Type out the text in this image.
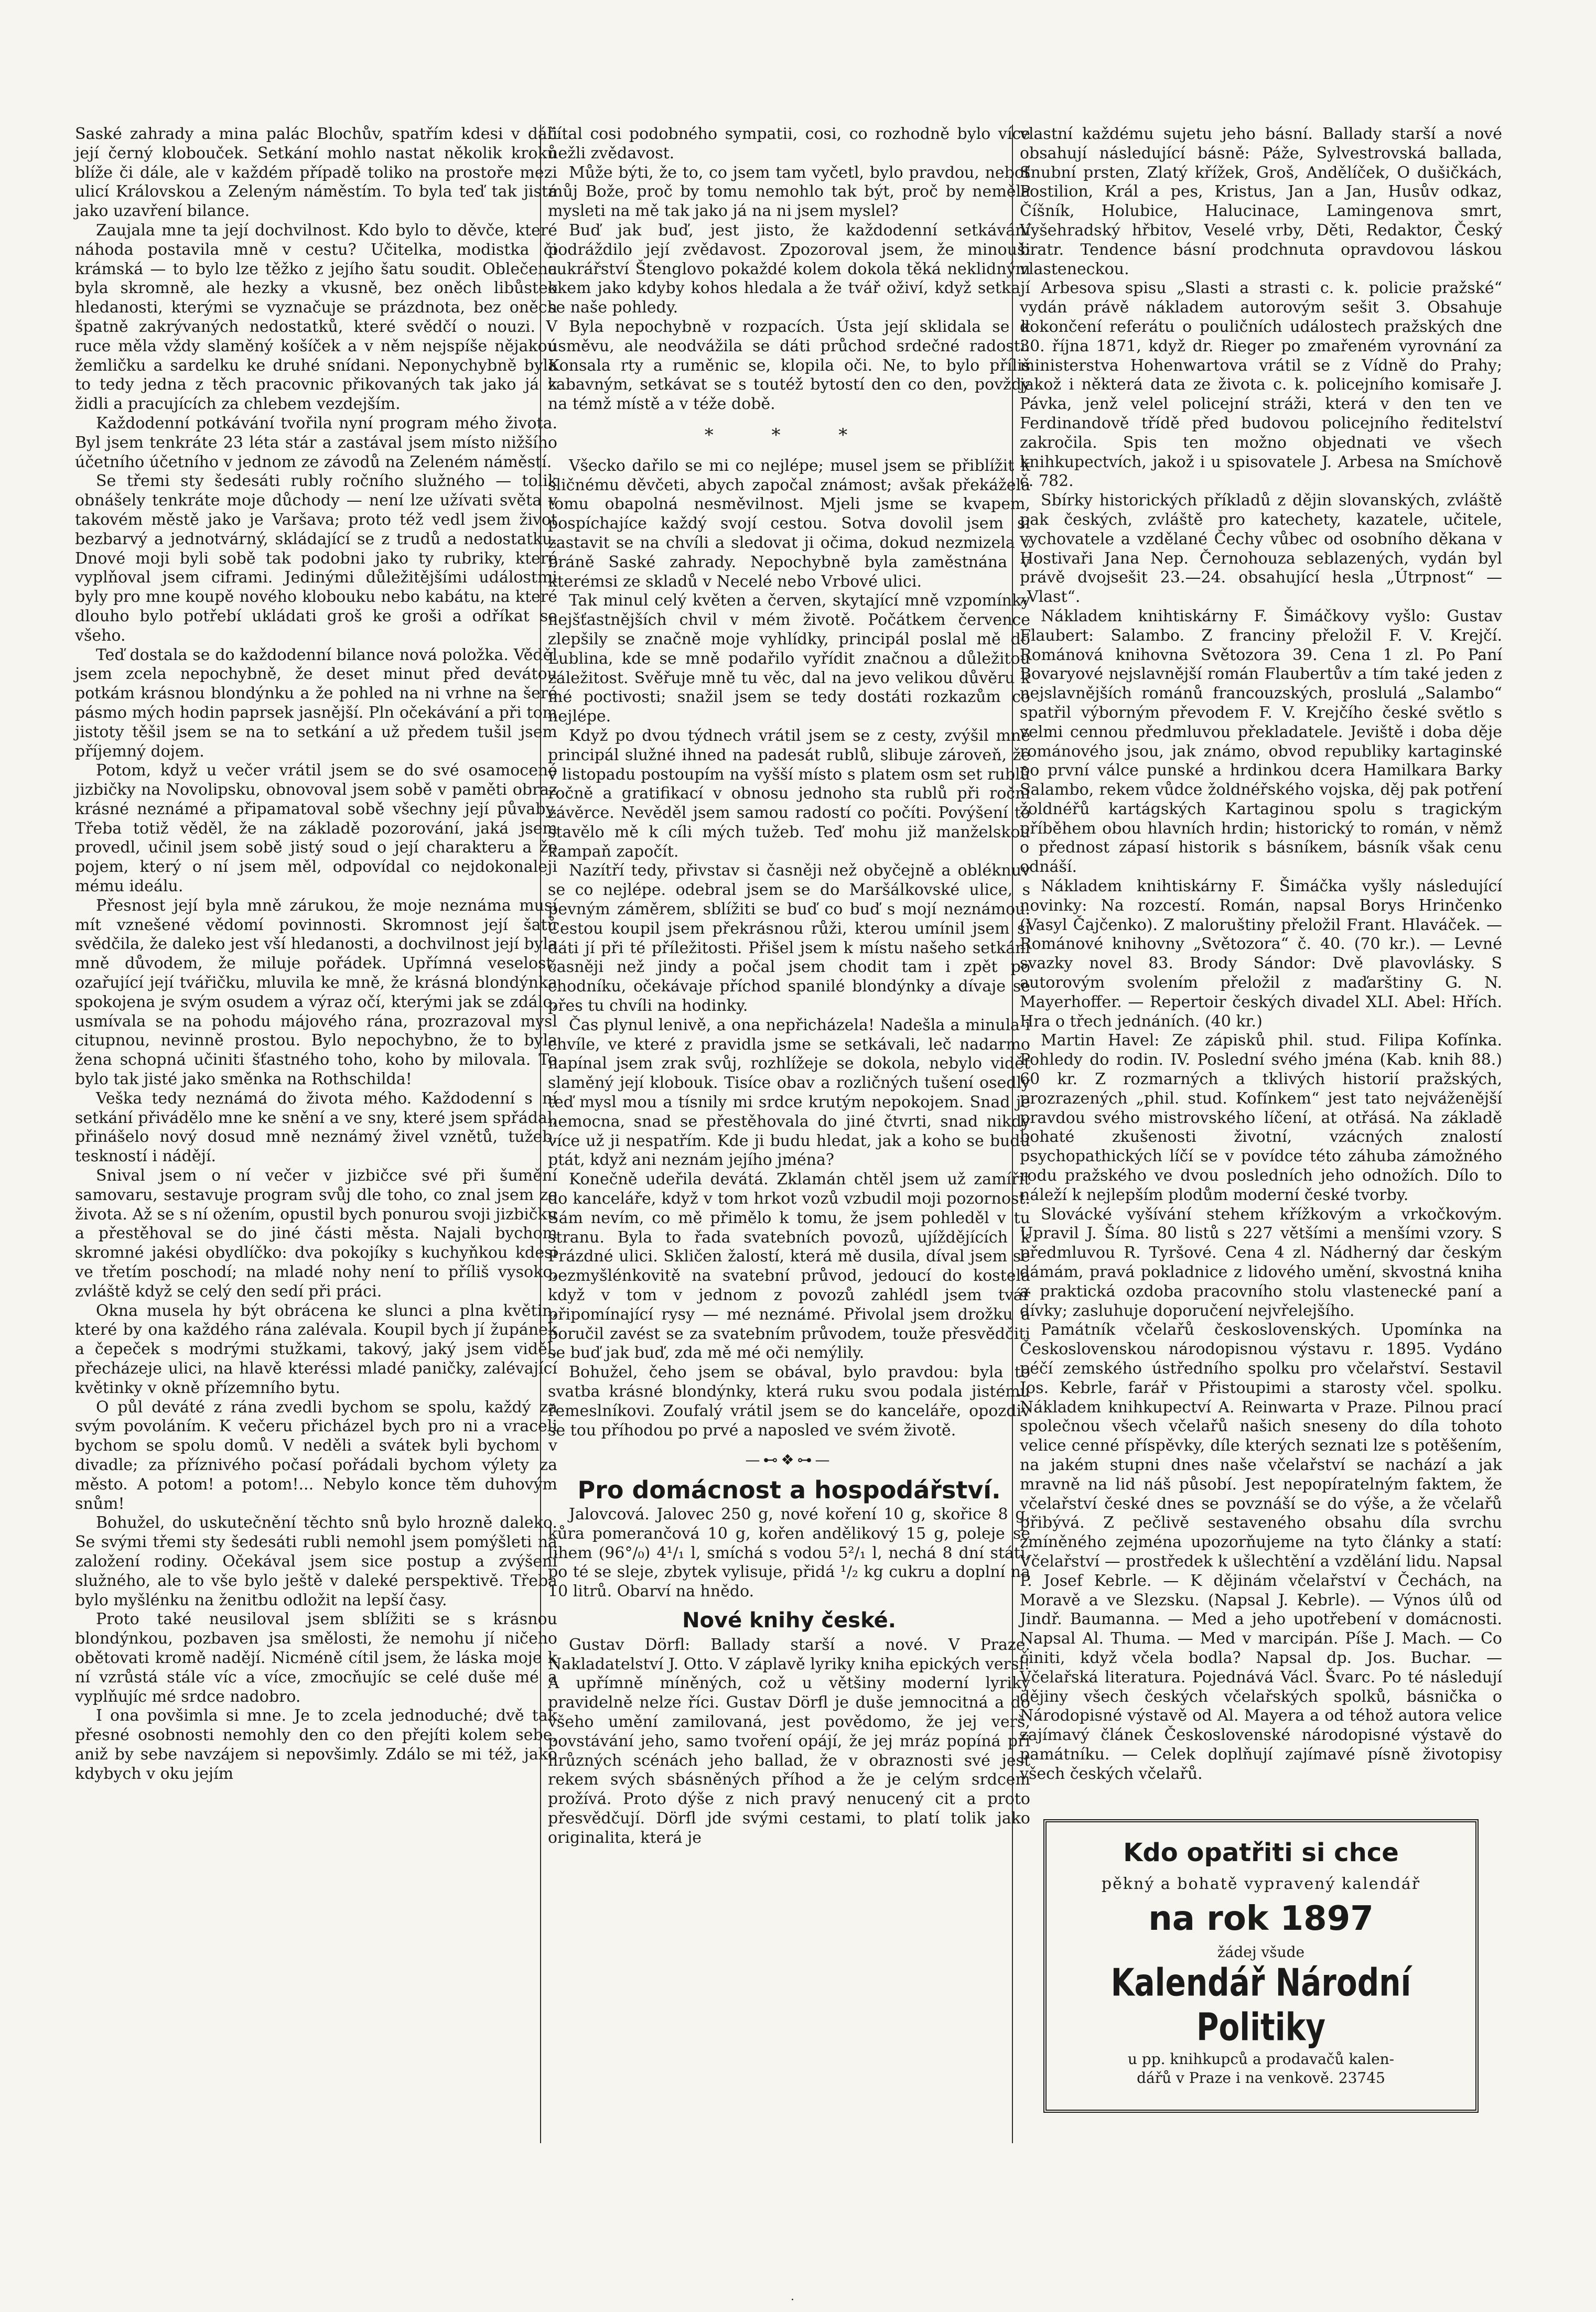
Saské zahrady a mina palác Blochův, spatřím kdesi v dáli její černý klobouček. Setkání mohlo nastat několik kroků blíže či dále, ale v každém případě toliko na prostoře mezi ulicí Královskou a Zeleným náměstím. To byla teď tak jistá jako uzavření bilance.

Zaujala mne ta její dochvilnost. Kdo bylo to děvče, které náhoda postavila mně v cestu? Učitelka, modistka či krámská — to bylo lze těžko z jejího šatu soudit. Oblečena byla skromně, ale hezky a vkusně, bez oněch libůstek hledanosti, kterými se vyznačuje se prázdnota, bez oněch špatně zakrývaných nedostatků, které svědčí o nouzi. V ruce měla vždy slaměný košíček a v něm nejspíše nějakou žemličku a sardelku ke druhé snídani. Neponychybně byla to tedy jedna z těch pracovnic přikovaných tak jako já k židli a pracujících za chlebem vezdejším.

Každodenní potkávání tvořila nyní program mého života. Byl jsem tenkráte 23 léta stár a zastával jsem místo nižšího účetního účetního v jednom ze závodů na Zeleném náměstí.

Se třemi sty šedesáti rubly ročního služného — tolik obnášely tenkráte moje důchody — není lze užívati světa v takovém městě jako je Varšava; proto též vedl jsem život bezbarvý a jednotvárný, skládající se z trudů a nedostatku. Dnové moji byli sobě tak podobni jako ty rubriky, které vyplňoval jsem ciframi. Jedinými důležitějšími událostmi byly pro mne koupě nového klobouku nebo kabátu, na které dlouho bylo potřebí ukládati groš ke groši a odříkat se všeho.

Teď dostala se do každodenní bilance nová položka. Věděl jsem zcela nepochybně, že deset minut před devátou potkám krásnou blondýnku a že pohled na ni vrhne na šeré pásmo mých hodin paprsek jasnější. Pln očekávání a při tom jistoty těšil jsem se na to setkání a už předem tušil jsem příjemný dojem.

Potom, když u večer vrátil jsem se do své osamocené jizbičky na Novolipsku, obnovoval jsem sobě v paměti obraz krásné neznámé a připamatoval sobě všechny její půvaby. Třeba totiž věděl, že na základě pozorování, jaká jsem provedl, učinil jsem sobě jistý soud o její charakteru a že pojem, který o ní jsem měl, odpovídal co nejdokonaleji mému ideálu.

Přesnost její byla mně zárukou, že moje neznáma musí mít vznešené vědomí povinnosti. Skromnost její šatů svědčila, že daleko jest vší hledanosti, a dochvilnost její byla mně důvodem, že miluje pořádek. Upřímná veselost, ozařující její tvářičku, mluvila ke mně, že krásná blondýnka spokojena je svým osudem a výraz očí, kterými jak se zdálo, usmívala se na pohodu májového rána, prozrazoval mysl citupnou, nevinně prostou. Bylo nepochybno, že to byla žena schopná učiniti šťastného toho, koho by milovala. To bylo tak jisté jako směnka na Rothschilda!

Veška tedy neznámá do života mého. Každodenní s ní setkání přivádělo mne ke snění a ve sny, které jsem spřádal, přinášelo nový dosud mně neznámý živel vznětů, tužeb, teskností i nádějí.

Snival jsem o ní večer v jizbičce své při šumění samovaru, sestavuje program svůj dle toho, co znal jsem ze života. Až se s ní ožením, opustil bych ponurou svoji jizbičku a přestěhoval se do jiné části města. Najali bychom skromné jakési obydlíčko: dva pokojíky s kuchyňkou kdesi ve třetím poschodí; na mladé nohy není to příliš vysoko, zvláště když se celý den sedí při práci.

Okna musela hy být obrácena ke slunci a plna květin, které by ona každého rána zalévala. Koupil bych jí župánek a čepeček s modrými stužkami, takový, jaký jsem viděl, přecházeje ulici, na hlavě kteréssi mladé paničky, zalévající květinky v okně přízemního bytu.

O půl deváté z rána zvedli bychom se spolu, každý za svým povoláním. K večeru přicházel bych pro ni a vraceli bychom se spolu domů. V neděli a svátek byli bychom v divadle; za příznivého počasí pořádali bychom výlety za město. A potom! a potom!... Nebylo konce těm duhovým snům!

Bohužel, do uskutečnění těchto snů bylo hrozně daleko. Se svými třemi sty šedesáti rubli nemohl jsem pomýšleti na založení rodiny. Očekával jsem sice postup a zvýšení služného, ale to vše bylo ještě v daleké perspektivě. Třeba bylo myšlénku na ženitbu odložit na lepší časy.

Proto také neusiloval jsem sblížiti se s krásnou blondýnkou, pozbaven jsa smělosti, že nemohu jí ničeho obětovati kromě nadějí. Nicméně cítil jsem, že láska moje k ní vzrůstá stále víc a více, zmocňujíc se celé duše mé a vyplňujíc mé srdce nadobro.

I ona povšimla si mne. Je to zcela jednoduché; dvě tak přesné osobnosti nemohly den co den přejíti kolem sebe, aniž by sebe navzájem si nepovšimly. Zdálo se mi též, jako kdybych v oku jejím

čítal cosi podobného sympatii, cosi, co rozhodně bylo více nežli zvědavost.

Může býti, že to, co jsem tam vyčetl, bylo pravdou, neboť můj Bože, proč by tomu nemohlo tak být, proč by neměla mysleti na mě tak jako já na ni jsem myslel?

Buď jak buď, jest jisto, že každodenní setkávání podráždilo její zvědavost. Zpozoroval jsem, že minouši cukrářství Štenglovo pokaždé kolem dokola těká neklidným okem jako kdyby kohos hledala a že tvář oživí, když setkají se naše pohledy.

Byla nepochybně v rozpacích. Ústa její sklidala se k úsměvu, ale neodvážila se dáti průchod srdečné radosti. Konsala rty a ruměnic se, klopila oči. Ne, to bylo příliš zabavným, setkávat se s toutéž bytostí den co den, povždy na témž místě a v téže době.

* * *

Všecko dařilo se mi co nejlépe; musel jsem se přiblížit k sličnému děvčeti, abych započal známost; avšak překážela tomu obapolná nesměvilnost. Mjeli jsme se kvapem, pospíchajíce každý svojí cestou. Sotva dovolil jsem si zastavit se na chvíli a sledovat ji očima, dokud nezmizela v bráně Saské zahrady. Nepochybně byla zaměstnána v kterémsi ze skladů v Necelé nebo Vrbové ulici.

Tak minul celý květen a červen, skytající mně vzpomínky nejšťastnějších chvil v mém životě. Počátkem července zlepšily se značně moje vyhlídky, principál poslal mě do Lublina, kde se mně podařilo vyřídit značnou a důležitou záležitost. Svěřuje mně tu věc, dal na jevo velikou důvěru k mé poctivosti; snažil jsem se tedy dostáti rozkazům co nejlépe.

Když po dvou týdnech vrátil jsem se z cesty, zvýšil mně principál služné ihned na padesát rublů, slibuje zároveň, že v listopadu postoupím na vyšší místo s platem osm set rublů ročně a gratifikací v obnosu jednoho sta rublů při roční závěrce. Nevěděl jsem samou radostí co počíti. Povýšení to stavělo mě k cíli mých tužeb. Teď mohu již manželskou kampaň započít.

Nazítří tedy, přivstav si časněji než obyčejně a obléknuv se co nejlépe. odebral jsem se do Maršálkovské ulice, s pevným záměrem, sblížiti se buď co buď s mojí neznámou. Cestou koupil jsem překrásnou růži, kterou umínil jsem si dáti jí při té příležitosti. Přišel jsem k místu našeho setkání časněji než jindy a počal jsem chodit tam i zpět po chodníku, očekávaje příchod spanilé blondýnky a dívaje se přes tu chvíli na hodinky.

Čas plynul lenivě, a ona nepřicházela! Nadešla a minula i chvíle, ve které z pravidla jsme se setkávali, leč nadarmo napínal jsem zrak svůj, rozhlížeje se dokola, nebylo vidět slaměný její klobouk. Tisíce obav a rozličných tušení osedly teď mysl mou a tísnily mi srdce krutým nepokojem. Snad je nemocna, snad se přestěhovala do jiné čtvrti, snad nikdy více už ji nespatřím. Kde ji budu hledat, jak a koho se budu ptát, když ani neznám jejího jména?

Konečně udeřila devátá. Zklamán chtěl jsem už zamířit do kanceláře, když v tom hrkot vozů vzbudil moji pozornost. Sám nevím, co mě přimělo k tomu, že jsem pohleděl v tu stranu. Byla to řada svatebních povozů, ujíždějících k Prázdné ulici. Skličen žalostí, která mě dusila, díval jsem se bezmyšlénkovitě na svatební průvod, jedoucí do kostela když v tom v jednom z povozů zahlédl jsem tvář připomínající rysy — mé neznámé. Přivolal jsem drožku a poručil zavést se za svatebním průvodem, touže přesvědčiti se buď jak buď, zda mě mé oči nemýlily.

Bohužel, čeho jsem se obával, bylo pravdou: byla to svatba krásné blondýnky, která ruku svou podala jistému řemeslníkovi. Zoufalý vrátil jsem se do kanceláře, opozdiv se tou příhodou po prvé a naposled ve svém životě.

—⊷❖⊶—
Pro domácnost a hospodářství.

Jalovcová. Jalovec 250 g, nové koření 10 g, skořice 8 g, kůra pomerančová 10 g, kořen andělikový 15 g, poleje se lihem (96°/₀) 4¹/₁ l, smíchá s vodou 5²/₁ l, nechá 8 dní státi, po té se sleje, zbytek vylisuje, přidá ¹/₂ kg cukru a doplní na 10 litrů. Obarví na hnědo.

Nové knihy české.

Gustav Dörfl: Ballady starší a nové. V Praze. Nakladatelství J. Otto. V záplavě lyriky kniha epických versí! A upřímně míněných, což u většiny moderní lyriky pravidelně nelze říci. Gustav Dörfl je duše jemnocitná a do všeho umění zamilovaná, jest povědomo, že jej verš, povstávání jeho, samo tvoření opájí, že jej mráz popíná při hrůzných scénách jeho ballad, že v obraznosti své jest rekem svých sbásněných příhod a že je celým srdcem prožívá. Proto dýše z nich pravý nenucený cit a proto přesvědčují. Dörfl jde svými cestami, to platí tolik jako originalita, která je

vlastní každému sujetu jeho básní. Ballady starší a nové obsahují následující básně: Páže, Sylvestrovská ballada, Snubní prsten, Zlatý křížek, Groš, Andělíček, O dušičkách, Postilion, Král a pes, Kristus, Jan a Jan, Husův odkaz, Číšník, Holubice, Halucinace, Lamingenova smrt, Vyšehradský hřbitov, Veselé vrby, Děti, Redaktor, Český bratr. Tendence básní prodchnuta opravdovou láskou vlasteneckou.

Arbesova spisu „Slasti a strasti c. k. policie pražské“ vydán právě nákladem autorovým sešit 3. Obsahuje dokončení referátu o pouličních událostech pražských dne 30. října 1871, když dr. Rieger po zmařeném vyrovnání za ministerstva Hohenwartova vrátil se z Vídně do Prahy; jakož i některá data ze života c. k. policejního komisaře J. Pávka, jenž velel policejní stráži, která v den ten ve Ferdinandově třídě před budovou policejního ředitelství zakročila. Spis ten možno objednati ve všech knihkupectvích, jakož i u spisovatele J. Arbesa na Smíchově č. 782.

Sbírky historických příkladů z dějin slovanských, zvláště pak českých, zvláště pro katechety, kazatele, učitele, vychovatele a vzdělané Čechy vůbec od osobního děkana v Hostivaři Jana Nep. Černohouza seblazených, vydán byl právě dvojsešit 23.—24. obsahující hesla „Útrpnost“ — „Vlast“.

Nákladem knihtiskárny F. Šimáčkovy vyšlo: Gustav Flaubert: Salambo. Z franciny přeložil F. V. Krejčí. Románová knihovna Světozora 39. Cena 1 zl. Po Paní Bovaryové nejslavnější román Flaubertův a tím také jeden z nejslavnějších románů francouzských, proslulá „Salambo“ spatřil výborným převodem F. V. Krejčího české světlo s velmi cennou předmluvou překladatele. Jeviště i doba děje románového jsou, jak známo, obvod republiky kartaginské po první válce punské a hrdinkou dcera Hamilkara Barky Salambo, rekem vůdce žoldnéřského vojska, děj pak potření žoldnéřů kartágských Kartaginou spolu s tragickým příběhem obou hlavních hrdin; historický to román, v němž o přednost zápasí historik s básníkem, básník však cenu odnáší.

Nákladem knihtiskárny F. Šimáčka vyšly následující novinky: Na rozcestí. Román, napsal Borys Hrinčenko (Vasyl Čajčenko). Z maloruštiny přeložil Frant. Hlaváček. — Románové knihovny „Světozora“ č. 40. (70 kr.). — Levné svazky novel 83. Brody Sándor: Dvě plavovlásky. S autorovým svolením přeložil z maďarštiny G. N. Mayerhoffer. — Repertoir českých divadel XLI. Abel: Hřích. Hra o třech jednáních. (40 kr.)

Martin Havel: Ze zápisků phil. stud. Filipa Kofínka. Pohledy do rodin. IV. Poslední svého jména (Kab. knih 88.) 60 kr. Z rozmarných a tklivých historií pražských, prozrazených „phil. stud. Kofínkem“ jest tato nejváženější pravdou svého mistrovského líčení, at otřásá. Na základě bohaté zkušenosti životní, vzácných znalostí psychopathických líčí se v povídce této záhuba zámožného rodu pražského ve dvou posledních jeho odnožích. Dílo to náleží k nejlepším plodům moderní české tvorby.

Slovácké vyšívání stehem křížkovým a vrkočkovým. Upravil J. Šíma. 80 listů s 227 většími a menšími vzory. S předmluvou R. Tyršové. Cena 4 zl. Nádherný dar českým dámám, pravá pokladnice z lidového umění, skvostná kniha a praktická ozdoba pracovního stolu vlastenecké paní a dívky; zasluhuje doporučení nejvřelejšího.

Památník včelařů československých. Upomínka na Československou národopisnou výstavu r. 1895. Vydáno péčí zemského ústředního spolku pro včelařství. Sestavil Jos. Kebrle, farář v Přistoupimi a starosty včel. spolku. Nákladem knihkupectví A. Reinwarta v Praze. Pilnou prací společnou všech včelařů našich sneseny do díla tohoto velice cenné příspěvky, díle kterých seznati lze s potěšením, na jakém stupni dnes naše včelařství se nachází a jak mravně na lid náš působí. Jest nepopíratelným faktem, že včelařství české dnes se povznáší se do výše, a že včelařů přibývá. Z pečlivě sestaveného obsahu díla svrchu zmíněného zejména upozorňujeme na tyto články a statí: Včelařství — prostředek k ušlechtění a vzdělání lidu. Napsal P. Josef Kebrle. — K dějinám včelařství v Čechách, na Moravě a ve Slezsku. (Napsal J. Kebrle). — Výnos úlů od Jindř. Baumanna. — Med a jeho upotřebení v domácnosti. Napsal Al. Thuma. — Med v marcipán. Píše J. Mach. — Co činiti, když včela bodla? Napsal dp. Jos. Buchar. — Včelařská literatura. Pojednává Václ. Švarc. Po té následují dějiny všech českých včelařských spolků, básnička o Národopisné výstavě od Al. Mayera a od téhož autora velice zajímavý článek Československé národopisné výstavě do památníku. — Celek doplňují zajímavé písně životopisy všech českých včelařů.

Kdo opatřiti si chce
pěkný a bohatě vypravený kalendář
na rok 1897
žádej všude
Kalendář Národní Politiky
u pp. knihkupců a prodavačů kalen-
dářů v Praze i na venkově. 23745
·
